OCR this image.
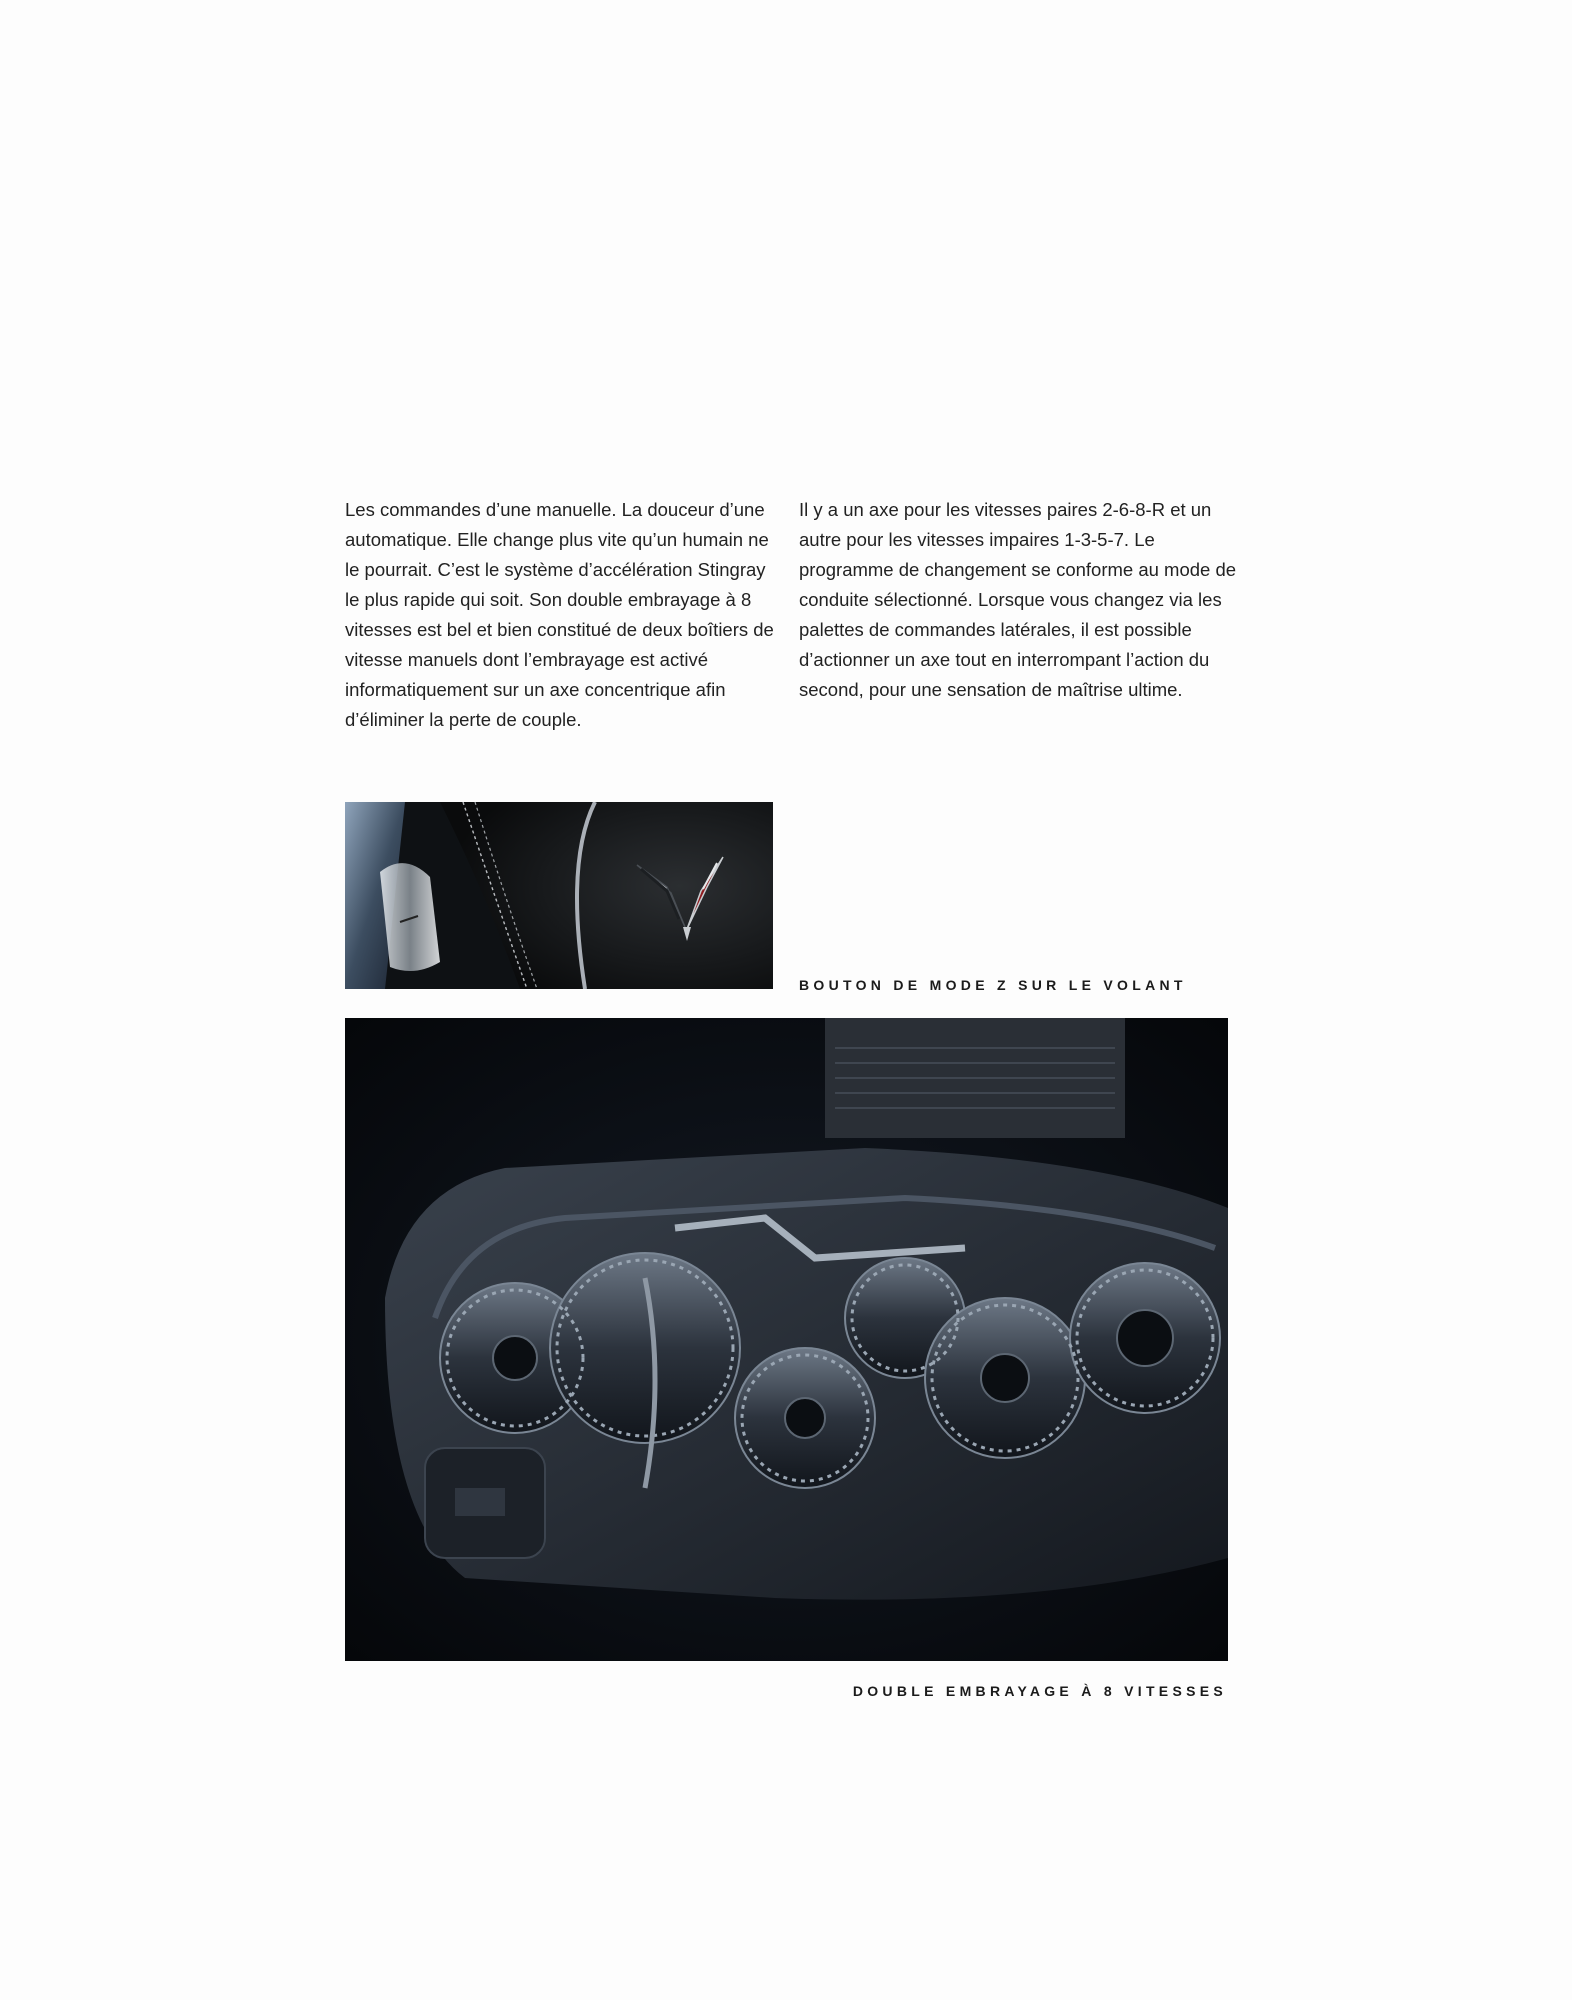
Les commandes d’une manuelle. La douceur d’une automatique. Elle change plus vite qu’un humain ne le pourrait. C’est le système d’accélération Stingray le plus rapide qui soit. Son double embrayage à 8 vitesses est bel et bien constitué de deux boîtiers de vitesse manuels dont l’embrayage est activé informatiquement sur un axe concentrique afin d’éliminer la perte de couple.

Il y a un axe pour les vitesses paires 2-6-8-R et un autre pour les vitesses impaires 1-3-5-7. Le programme de changement se conforme au mode de conduite sélectionné. Lorsque vous changez via les palettes de commandes latérales, il est possible d’actionner un axe tout en interrompant l’action du second, pour une sensation de maîtrise ultime.

BOUTON DE MODE Z SUR LE VOLANT
DOUBLE EMBRAYAGE À 8 VITESSES
